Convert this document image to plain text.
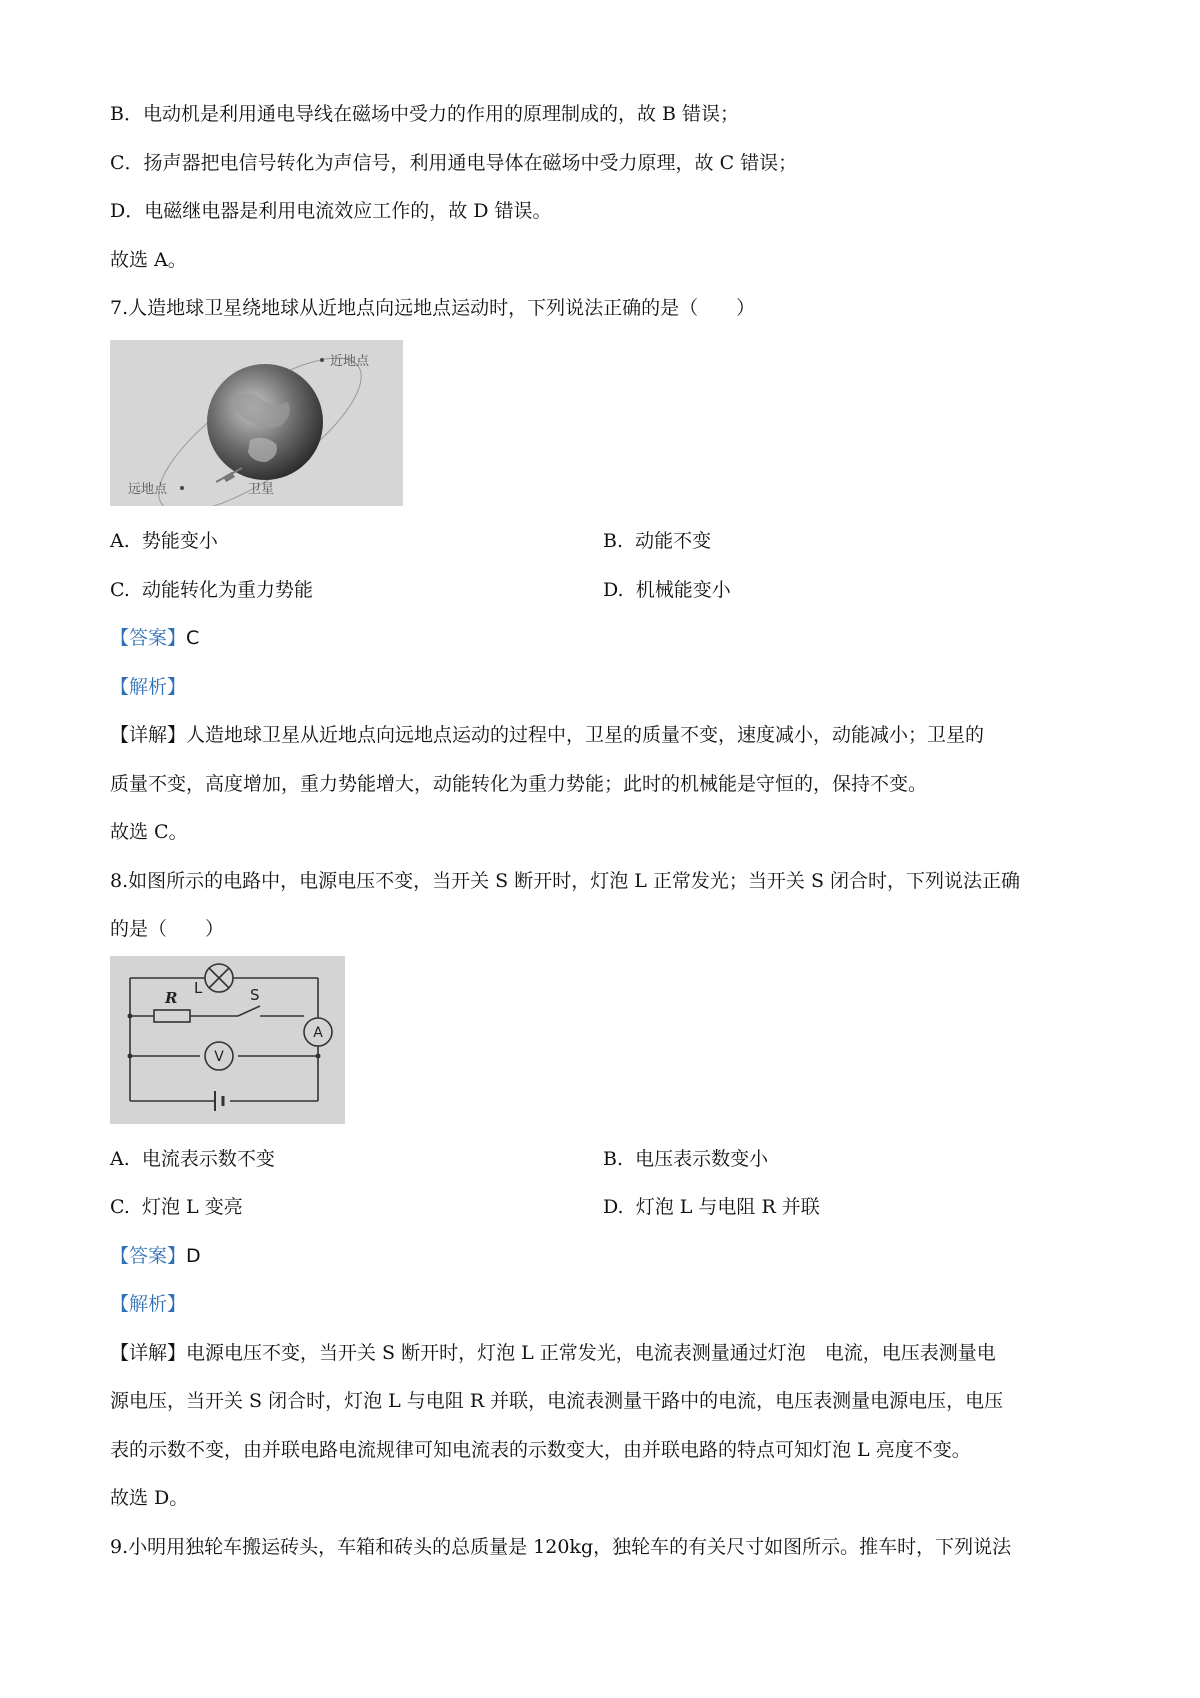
B．电动机是利用通电导线在磁场中受力的作用的原理制成的，故 B 错误；
C．扬声器把电信号转化为声信号，利用通电导体在磁场中受力原理，故 C 错误；
D．电磁继电器是利用电流效应工作的，故 D 错误。
故选 A。
7.人造地球卫星绕地球从近地点向远地点运动时，下列说法正确的是（　　）
近地点
远地点	卫星
A. 势能变小	B. 动能不变
C. 动能转化为重力势能	D. 机械能变小
【答案】C
【解析】
【详解】人造地球卫星从近地点向远地点运动的过程中，卫星的质量不变，速度减小，动能减小；卫星的
质量不变，高度增加，重力势能增大，动能转化为重力势能；此时的机械能是守恒的，保持不变。
故选 C。
8.如图所示的电路中，电源电压不变，当开关 S 断开时，灯泡 L 正常发光；当开关 S 闭合时，下列说法正确
的是（　　）
A
V
R
L	S
A. 电流表示数不变	B. 电压表示数变小
C. 灯泡 L 变亮	D. 灯泡 L 与电阻 R 并联
【答案】D
【解析】
【详解】电源电压不变，当开关 S 断开时，灯泡 L 正常发光，电流表测量通过灯泡　电流，电压表测量电
源电压，当开关 S 闭合时，灯泡 L 与电阻 R 并联，电流表测量干路中的电流，电压表测量电源电压，电压
表的示数不变，由并联电路电流规律可知电流表的示数变大，由并联电路的特点可知灯泡 L 亮度不变。
故选 D。
9.小明用独轮车搬运砖头，车箱和砖头的总质量是 120kg，独轮车的有关尺寸如图所示。推车时，下列说法
